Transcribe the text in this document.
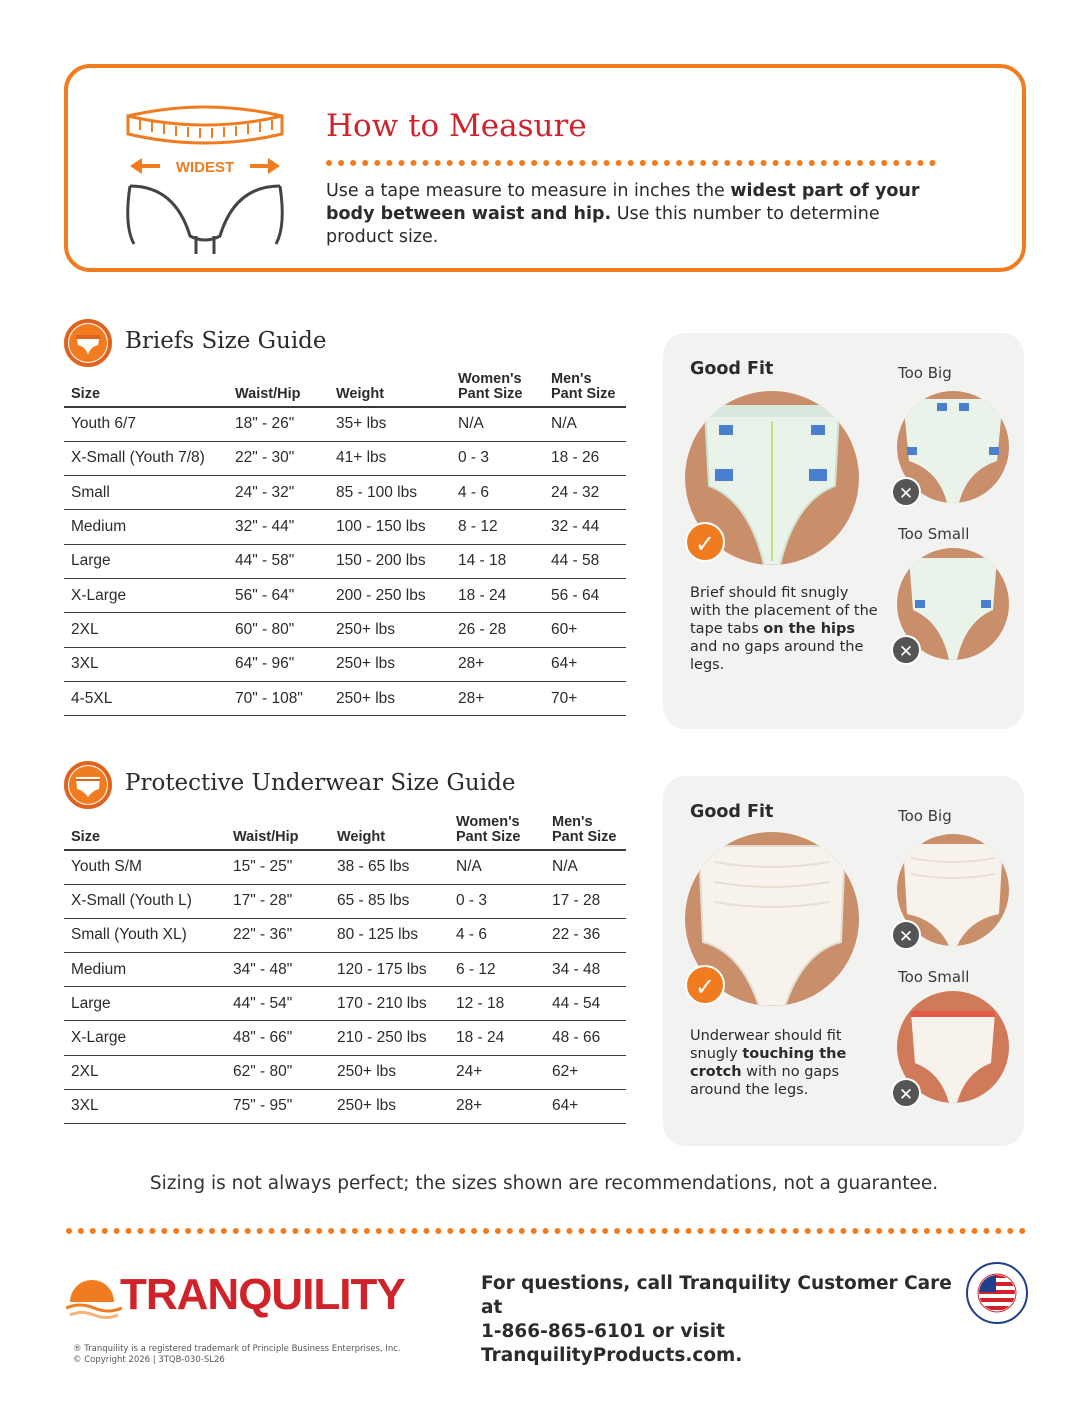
WIDEST
How to Measure
Use a tape measure to measure in inches the widest part of your body between waist and hip. Use this number to determine product size.
Briefs Size Guide
Size	Waist/Hip	Weight	Women's Pant Size	Men's Pant Size
Youth 6/7	18" - 26"	35+ lbs	N/A	N/A
X-Small (Youth 7/8)	22" - 30"	41+ lbs	0 - 3	18 - 26
Small	24" - 32"	85 - 100 lbs	4 - 6	24 - 32
Medium	32" - 44"	100 - 150 lbs	8 - 12	32 - 44
Large	44" - 58"	150 - 200 lbs	14 - 18	44 - 58
X-Large	56" - 64"	200 - 250 lbs	18 - 24	56 - 64
2XL	60" - 80"	250+ lbs	26 - 28	60+
3XL	64" - 96"	250+ lbs	28+	64+
4-5XL	70" - 108"	250+ lbs	28+	70+
Good Fit	Too Big
Too Small
✓
✕
✕
Brief should fit snugly with the placement of the tape tabs on the hips and no gaps around the legs.
Protective Underwear Size Guide
Size	Waist/Hip	Weight	Women's Pant Size	Men's Pant Size
Youth S/M	15" - 25"	38 - 65 lbs	N/A	N/A
X-Small (Youth L)	17" - 28"	65 - 85 lbs	0 - 3	17 - 28
Small (Youth XL)	22" - 36"	80 - 125 lbs	4 - 6	22 - 36
Medium	34" - 48"	120 - 175 lbs	6 - 12	34 - 48
Large	44" - 54"	170 - 210 lbs	12 - 18	44 - 54
X-Large	48" - 66"	210 - 250 lbs	18 - 24	48 - 66
2XL	62" - 80"	250+ lbs	24+	62+
3XL	75" - 95"	250+ lbs	28+	64+
Good Fit	Too Big
Too Small
✓
✕
✕
Underwear should fit snugly touching the crotch with no gaps around the legs.
Sizing is not always perfect; the sizes shown are recommendations, not a guarantee.
TRANQUILITY	For questions, call Tranquility Customer Care at
1-866-865-6101 or visit TranquilityProducts.com.
® Tranquility is a registered trademark of Principle Business Enterprises, Inc.
© Copyright 2026 | 3TQB-030-SL26
